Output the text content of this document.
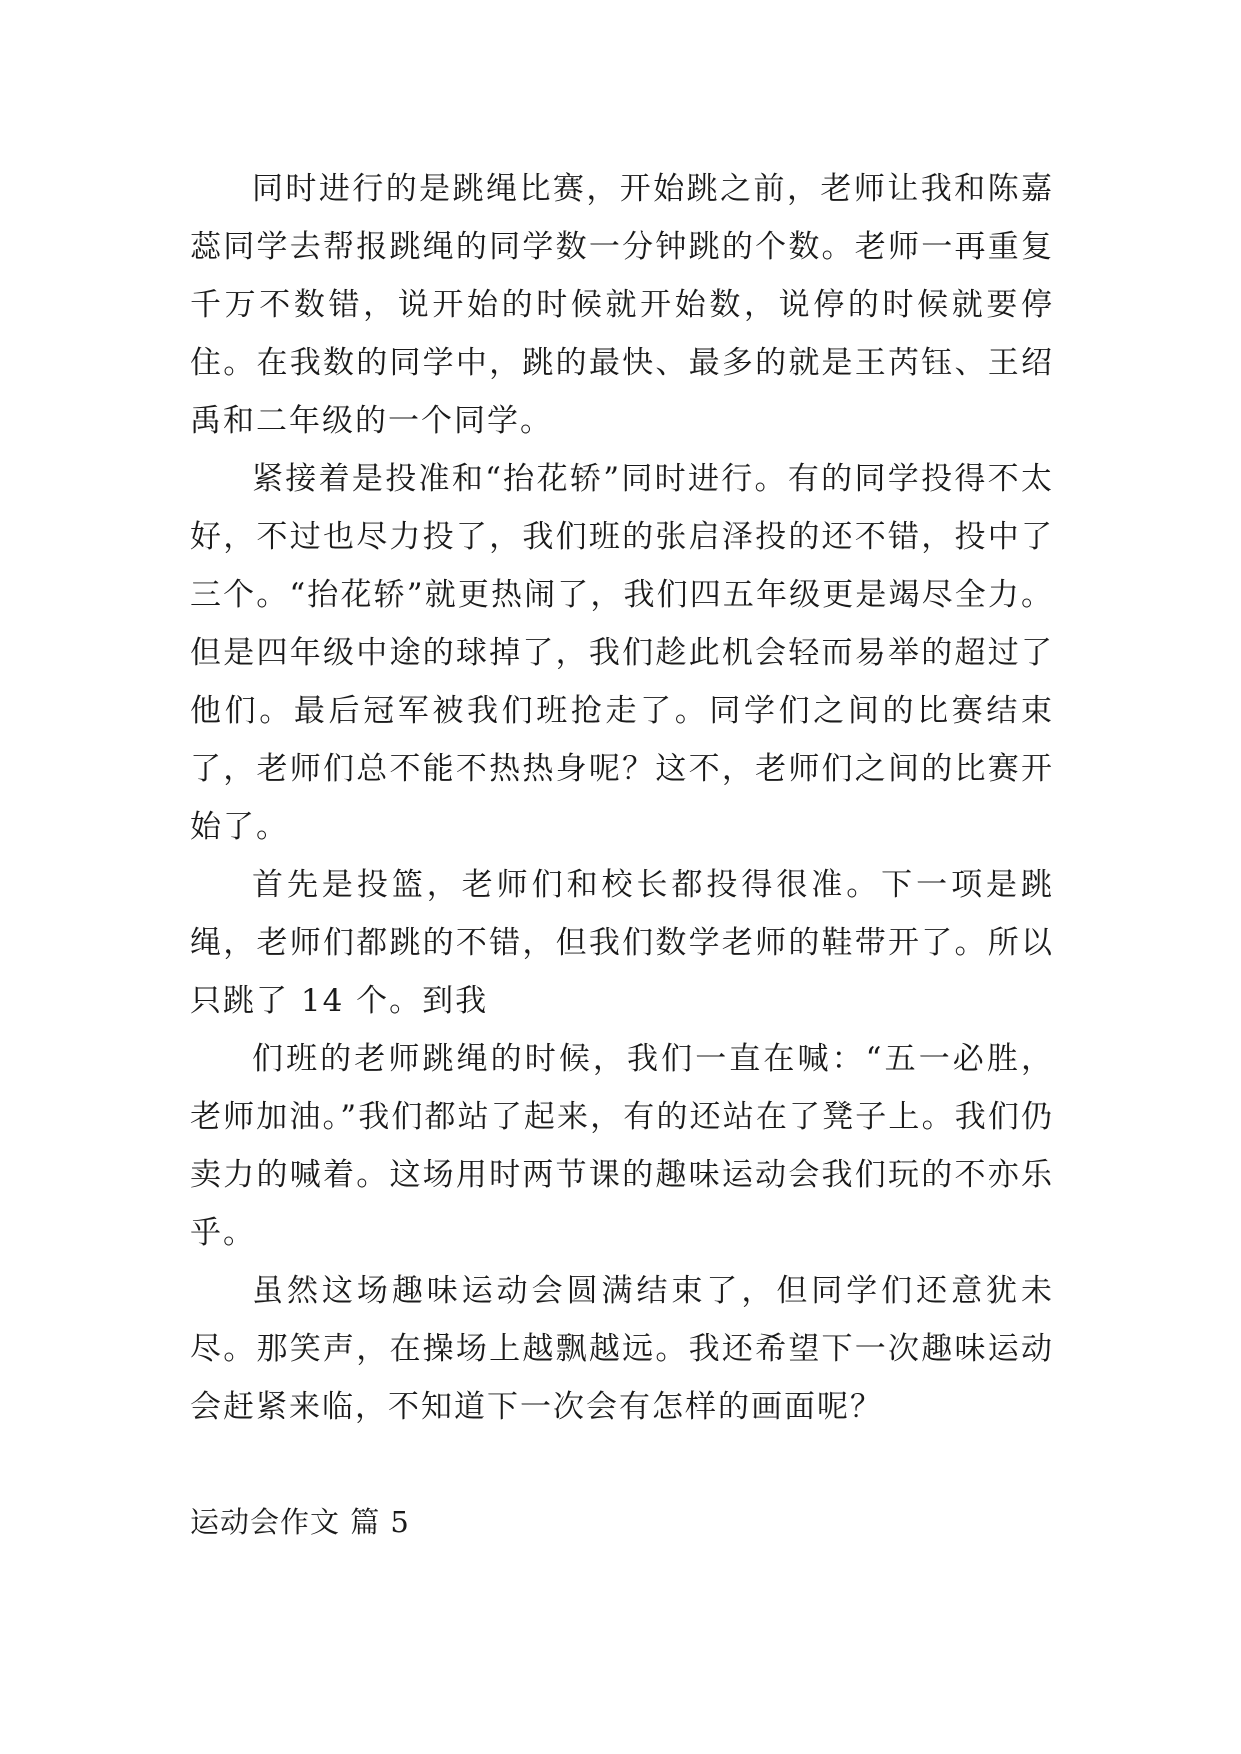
同时进行的是跳绳比赛，开始跳之前，老师让我和陈嘉蕊同学去帮报跳绳的同学数一分钟跳的个数。老师一再重复千万不数错，说开始的时候就开始数，说停的时候就要停住。在我数的同学中，跳的最快、最多的就是王芮钰、王绍禹和二年级的一个同学。

紧接着是投准和“抬花轿”同时进行。有的同学投得不太好，不过也尽力投了，我们班的张启泽投的还不错，投中了三个。“抬花轿”就更热闹了，我们四五年级更是竭尽全力。但是四年级中途的球掉了，我们趁此机会轻而易举的超过了他们。最后冠军被我们班抢走了。同学们之间的比赛结束了，老师们总不能不热热身呢？这不，老师们之间的比赛开始了。

首先是投篮，老师们和校长都投得很准。下一项是跳绳，老师们都跳的不错，但我们数学老师的鞋带开了。所以只跳了 14 个。到我

们班的老师跳绳的时候，我们一直在喊：“五一必胜，老师加油。”我们都站了起来，有的还站在了凳子上。我们仍卖力的喊着。这场用时两节课的趣味运动会我们玩的不亦乐乎。

虽然这场趣味运动会圆满结束了，但同学们还意犹未尽。那笑声，在操场上越飘越远。我还希望下一次趣味运动会赶紧来临，不知道下一次会有怎样的画面呢？

运动会作文 篇 5
